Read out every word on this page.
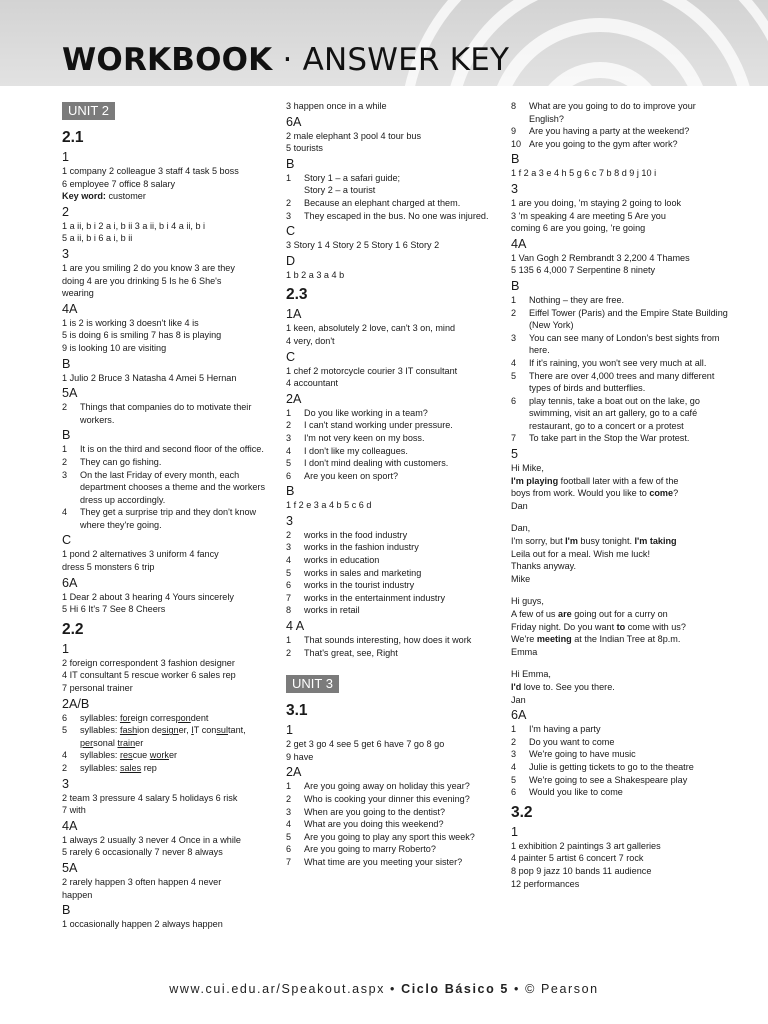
WORKBOOK · ANSWER KEY
UNIT 2
2.1
1
1 company 2 colleague 3 staff 4 task 5 boss
6 employee 7 office 8 salary
Key word: customer
2
1 a ii, b i 2 a i, b ii 3 a ii, b i 4 a ii, b i
5 a ii, b i 6 a i, b ii
3
1 are you smiling 2 do you know 3 are they
doing 4 are you drinking 5 Is he 6 She's
wearing
4A
1 is 2 is working 3 doesn't like 4 is
5 is doing 6 is smiling 7 has 8 is playing
9 is looking 10 are visiting
B
1 Julio 2 Bruce 3 Natasha 4 Amei 5 Hernan
5A
2	Things that companies do to motivate their workers.
B
1	It is on the third and second floor of the office.
2	They can go fishing.
3	On the last Friday of every month, each department chooses a theme and the workers dress up accordingly.
4	They get a surprise trip and they don't know where they're going.
C
1 pond 2 alternatives 3 uniform 4 fancy
dress 5 monsters 6 trip
6A
1 Dear 2 about 3 hearing 4 Yours sincerely
5 Hi 6 It's 7 See 8 Cheers
2.2
1
2 foreign correspondent 3 fashion designer
4 IT consultant 5 rescue worker 6 sales rep
7 personal trainer
2A/B
6	syllables: foreign correspondent
5	syllables: fashion designer, IT consultant, personal trainer
4	syllables: rescue worker
2	syllables: sales rep
3
2 team 3 pressure 4 salary 5 holidays 6 risk
7 with
4A
1 always 2 usually 3 never 4 Once in a while
5 rarely 6 occasionally 7 never 8 always
5A
2 rarely happen 3 often happen 4 never
happen
B
1 occasionally happen 2 always happen
3 happen once in a while
6A
2 male elephant 3 pool 4 tour bus
5 tourists
B
1	Story 1 – a safari guide;
Story 2 – a tourist
2	Because an elephant charged at them.
3	They escaped in the bus. No one was injured.
C
3 Story 1 4 Story 2 5 Story 1 6 Story 2
D
1 b 2 a 3 a 4 b
2.3
1A
1 keen, absolutely 2 love, can't 3 on, mind
4 very, don't
C
1 chef 2 motorcycle courier 3 IT consultant
4 accountant
2A
1	Do you like working in a team?
2	I can't stand working under pressure.
3	I'm not very keen on my boss.
4	I don't like my colleagues.
5	I don't mind dealing with customers.
6	Are you keen on sport?
B
1 f 2 e 3 a 4 b 5 c 6 d
3
2	works in the food industry
3	works in the fashion industry
4	works in education
5	works in sales and marketing
6	works in the tourist industry
7	works in the entertainment industry
8	works in retail
4 A
1	That sounds interesting, how does it work
2	That's great, see, Right
UNIT 3
3.1
1
2 get 3 go 4 see 5 get 6 have 7 go 8 go
9 have
2A
1	Are you going away on holiday this year?
2	Who is cooking your dinner this evening?
3	When are you going to the dentist?
4	What are you doing this weekend?
5	Are you going to play any sport this week?
6	Are you going to marry Roberto?
7	What time are you meeting your sister?
8	What are you going to do to improve your English?
9	Are you having a party at the weekend?
10 Are you going to the gym after work?
B
1 f 2 a 3 e 4 h 5 g 6 c 7 b 8 d 9 j 10 i
3
1 are you doing, 'm staying 2 going to look
3 'm speaking 4 are meeting 5 Are you
coming 6 are you going, 're going
4A
1 Van Gogh 2 Rembrandt 3 2,200 4 Thames
5 135 6 4,000 7 Serpentine 8 ninety
B
1	Nothing – they are free.
2	Eiffel Tower (Paris) and the Empire State Building (New York)
3	You can see many of London's best sights from here.
4	If it's raining, you won't see very much at all.
5	There are over 4,000 trees and many different types of birds and butterflies.
6	play tennis, take a boat out on the lake, go swimming, visit an art gallery, go to a café restaurant, go to a concert or a protest
7	To take part in the Stop the War protest.
5
Hi Mike,
I'm playing football later with a few of the
boys from work. Would you like to come?
Dan
Dan,
I'm sorry, but I'm busy tonight. I'm taking
Leila out for a meal. Wish me luck!
Thanks anyway.
Mike
Hi guys,
A few of us are going out for a curry on
Friday night. Do you want to come with us?
We're meeting at the Indian Tree at 8p.m.
Emma
Hi Emma,
I'd love to. See you there.
Jan
6A
1	I'm having a party
2	Do you want to come
3	We're going to have music
4	Julie is getting tickets to go to the theatre
5	We're going to see a Shakespeare play
6	Would you like to come
3.2
1
1 exhibition 2 paintings 3 art galleries
4 painter 5 artist 6 concert 7 rock
8 pop 9 jazz 10 bands 11 audience
12 performances
www.cui.edu.ar/Speakout.aspx • Ciclo Básico 5 • © Pearson
